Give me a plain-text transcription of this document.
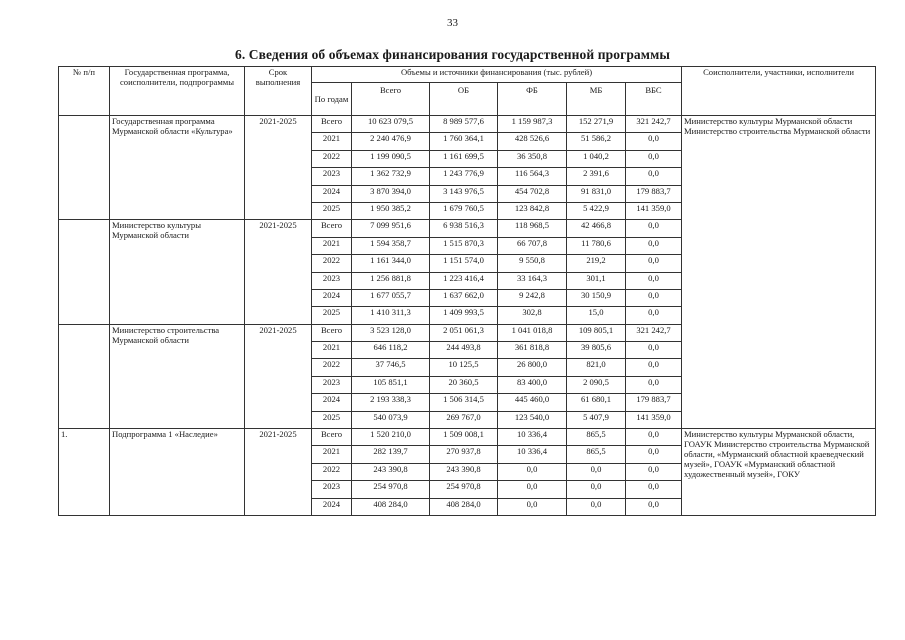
33
6. Сведения об объемах финансирования государственной программы
№ п/п	Государственная программа, соисполнители, подпрограммы	Срок выполнения	Объемы и источники финансирования (тыс. рублей)						Соисполнители, участники, исполнители
			По годам	Всего	ОБ	ФБ	МБ	ВБС	
	Государственная программа Мурманской области «Культура»	2021-2025	Всего	10 623 079,5	8 989 577,6	1 159 987,3	152 271,9	321 242,7	Министерство культуры Мурманской области Министерство строительства Мурманской области
			2021	2 240 476,9	1 760 364,1	428 526,6	51 586,2	0,0	
			2022	1 199 090,5	1 161 699,5	36 350,8	1 040,2	0,0	
			2023	1 362 732,9	1 243 776,9	116 564,3	2 391,6	0,0	
			2024	3 870 394,0	3 143 976,5	454 702,8	91 831,0	179 883,7	
			2025	1 950 385,2	1 679 760,5	123 842,8	5 422,9	141 359,0	
	Министерство культуры Мурманской области	2021-2025	Всего	7 099 951,6	6 938 516,3	118 968,5	42 466,8	0,0	
			2021	1 594 358,7	1 515 870,3	66 707,8	11 780,6	0,0	
			2022	1 161 344,0	1 151 574,0	9 550,8	219,2	0,0	
			2023	1 256 881,8	1 223 416,4	33 164,3	301,1	0,0	
			2024	1 677 055,7	1 637 662,0	9 242,8	30 150,9	0,0	
			2025	1 410 311,3	1 409 993,5	302,8	15,0	0,0	
	Министерство строительства Мурманской области	2021-2025	Всего	3 523 128,0	2 051 061,3	1 041 018,8	109 805,1	321 242,7	
			2021	646 118,2	244 493,8	361 818,8	39 805,6	0,0	
			2022	37 746,5	10 125,5	26 800,0	821,0	0,0	
			2023	105 851,1	20 360,5	83 400,0	2 090,5	0,0	
			2024	2 193 338,3	1 506 314,5	445 460,0	61 680,1	179 883,7	
			2025	540 073,9	269 767,0	123 540,0	5 407,9	141 359,0	
1.	Подпрограмма 1 «Наследие»	2021-2025	Всего	1 520 210,0	1 509 008,1	10 336,4	865,5	0,0	Министерство культуры Мурманской области, ГОАУК Министерство строительства Мурманской области, «Мурманский областной краеведческий музей», ГОАУК «Мурманский областной художественный музей», ГОКУ
			2021	282 139,7	270 937,8	10 336,4	865,5	0,0	
			2022	243 390,8	243 390,8	0,0	0,0	0,0	
			2023	254 970,8	254 970,8	0,0	0,0	0,0	
			2024	408 284,0	408 284,0	0,0	0,0	0,0	
